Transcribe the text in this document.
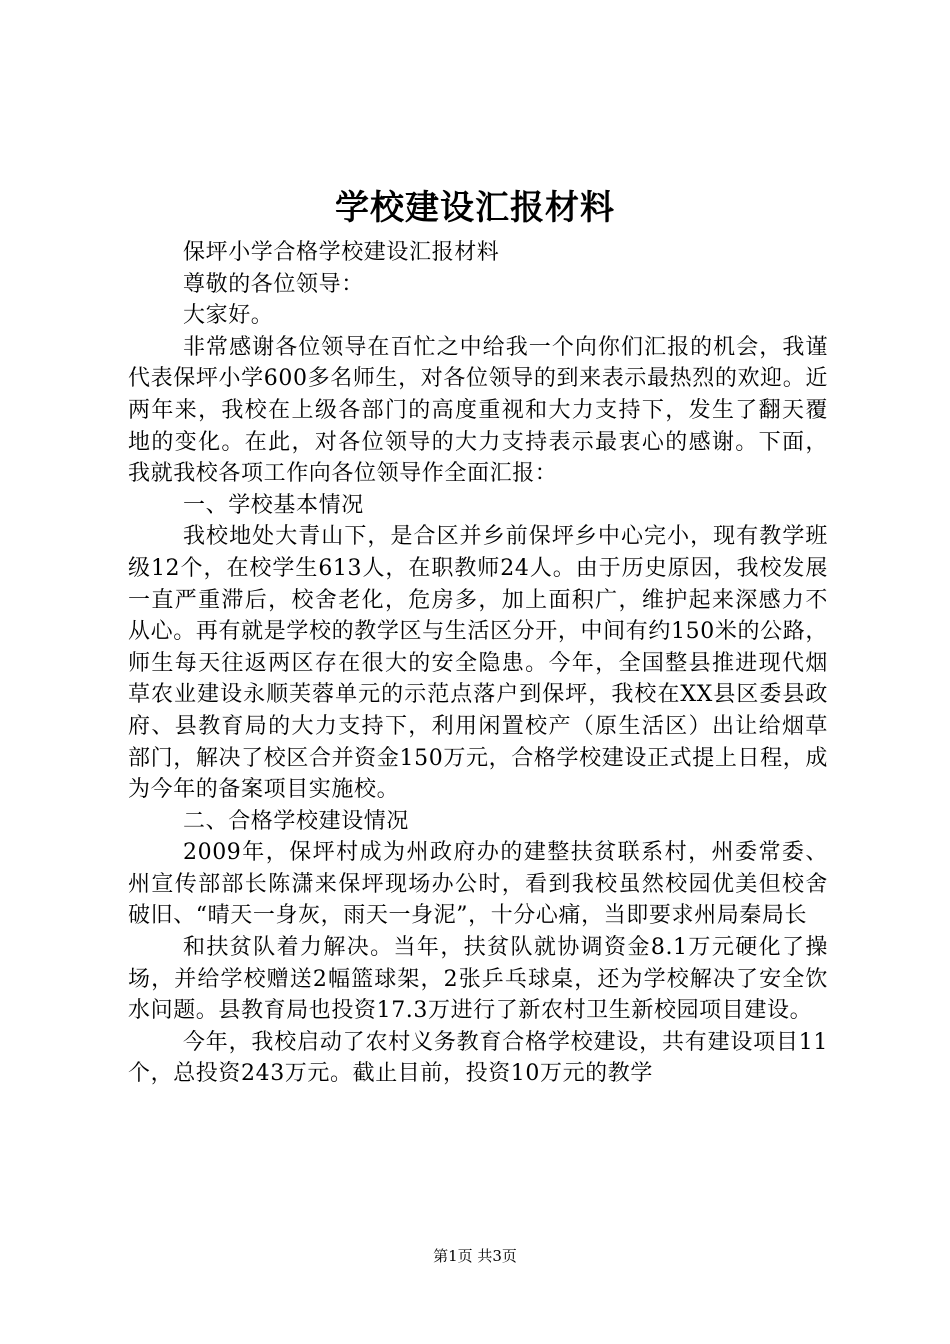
学校建设汇报材料

保坪小学合格学校建设汇报材料

尊敬的各位领导：

大家好。

非常感谢各位领导在百忙之中给我一个向你们汇报的机会，我谨代表保坪小学600多名师生，对各位领导的到来表示最热烈的欢迎。近两年来，我校在上级各部门的高度重视和大力支持下，发生了翻天覆地的变化。在此，对各位领导的大力支持表示最衷心的感谢。下面，我就我校各项工作向各位领导作全面汇报：

一、学校基本情况

我校地处大青山下，是合区并乡前保坪乡中心完小，现有教学班级12个，在校学生613人，在职教师24人。由于历史原因，我校发展一直严重滞后，校舍老化，危房多，加上面积广，维护起来深感力不从心。再有就是学校的教学区与生活区分开，中间有约150米的公路，师生每天往返两区存在很大的安全隐患。今年，全国整县推进现代烟草农业建设永顺芙蓉单元的示范点落户到保坪，我校在XX县区委县政府、县教育局的大力支持下，利用闲置校产（原生活区）出让给烟草部门，解决了校区合并资金150万元，合格学校建设正式提上日程，成为今年的备案项目实施校。

二、合格学校建设情况

2009年，保坪村成为州政府办的建整扶贫联系村，州委常委、州宣传部部长陈潇来保坪现场办公时，看到我校虽然校园优美但校舍破旧、“晴天一身灰，雨天一身泥”，十分心痛，当即要求州局秦局长

和扶贫队着力解决。当年，扶贫队就协调资金8.1万元硬化了操场，并给学校赠送2幅篮球架，2张乒乓球桌，还为学校解决了安全饮水问题。县教育局也投资17.3万进行了新农村卫生新校园项目建设。

今年，我校启动了农村义务教育合格学校建设，共有建设项目11个，总投资243万元。截止目前，投资10万元的教学

第1页 共3页
